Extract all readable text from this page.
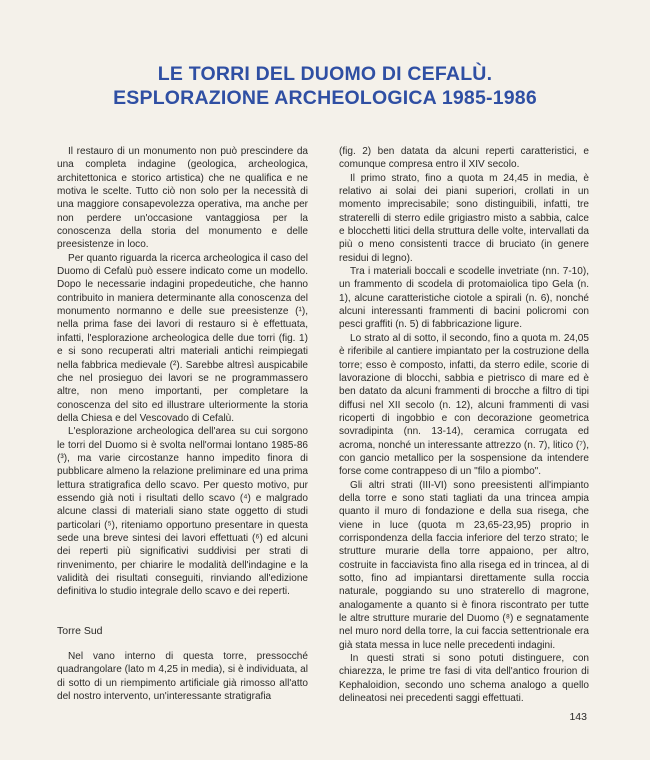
LE TORRI DEL DUOMO DI CEFALÙ.
ESPLORAZIONE ARCHEOLOGICA 1985-1986

Il restauro di un monumento non può prescindere da una completa indagine (geologica, archeologica, architettonica e storico artistica) che ne qualifica e ne motiva le scelte. Tutto ciò non solo per la necessità di una maggiore consapevolezza operativa, ma anche per non perdere un'occasione vantaggiosa per la conoscenza della storia del monumento e delle preesistenze in loco.

Per quanto riguarda la ricerca archeologica il caso del Duomo di Cefalù può essere indicato come un modello. Dopo le necessarie indagini propedeutiche, che hanno contribuito in maniera determinante alla conoscenza del monumento normanno e delle sue preesistenze (¹), nella prima fase dei lavori di restauro si è effettuata, infatti, l'esplorazione archeologica delle due torri (fig. 1) e si sono recuperati altri materiali antichi reimpiegati nella fabbrica medievale (²). Sarebbe altresì auspicabile che nel prosieguo dei lavori se ne programmassero altre, non meno importanti, per completare la conoscenza del sito ed illustrare ulteriormente la storia della Chiesa e del Vescovado di Cefalù.

L'esplorazione archeologica dell'area su cui sorgono le torri del Duomo si è svolta nell'ormai lontano 1985-86 (³), ma varie circostanze hanno impedito finora di pubblicare almeno la relazione preliminare ed una prima lettura stratigrafica dello scavo. Per questo motivo, pur essendo già noti i risultati dello scavo (⁴) e malgrado alcune classi di materiali siano state oggetto di studi particolari (⁵), riteniamo opportuno presentare in questa sede una breve sintesi dei lavori effettuati (⁶) ed alcuni dei reperti più significativi suddivisi per strati di rinvenimento, per chiarire le modalità dell'indagine e la validità dei risultati conseguiti, rinviando all'edizione definitiva lo studio integrale dello scavo e dei reperti.

Torre Sud

Nel vano interno di questa torre, pressocché quadrangolare (lato m 4,25 in media), si è individuata, al di sotto di un riempimento artificiale già rimosso all'atto del nostro intervento, un'interessante stratigrafia

(fig. 2) ben datata da alcuni reperti caratteristici, e comunque compresa entro il XIV secolo.

Il primo strato, fino a quota m 24,45 in media, è relativo ai solai dei piani superiori, crollati in un momento imprecisabile; sono distinguibili, infatti, tre straterelli di sterro edile grigiastro misto a sabbia, calce e blocchetti litici della struttura delle volte, intervallati da più o meno consistenti tracce di bruciato (in genere residui di legno).

Tra i materiali boccali e scodelle invetriate (nn. 7-10), un frammento di scodela di protomaiolica tipo Gela (n. 1), alcune caratteristiche ciotole a spirali (n. 6), nonché alcuni interessanti frammenti di bacini policromi con pesci graffiti (n. 5) di fabbricazione ligure.

Lo strato al di sotto, il secondo, fino a quota m. 24,05 è riferibile al cantiere impiantato per la costruzione della torre; esso è composto, infatti, da sterro edile, scorie di lavorazione di blocchi, sabbia e pietrisco di mare ed è ben datato da alcuni frammenti di brocche a filtro di tipi diffusi nel XII secolo (n. 12), alcuni frammenti di vasi ricoperti di ingobbio e con decorazione geometrica sovradipinta (nn. 13-14), ceramica corrugata ed acroma, nonché un interessante attrezzo (n. 7), litico (⁷), con gancio metallico per la sospensione da intendere forse come contrappeso di un "filo a piombo".

Gli altri strati (III-VI) sono preesistenti all'impianto della torre e sono stati tagliati da una trincea ampia quanto il muro di fondazione e della sua risega, che viene in luce (quota m 23,65-23,95) proprio in corrispondenza della faccia inferiore del terzo strato; le strutture murarie della torre appaiono, per altro, costruite in facciavista fino alla risega ed in trincea, al di sotto, fino ad impiantarsi direttamente sulla roccia naturale, poggiando su uno straterello di magrone, analogamente a quanto si è finora riscontrato per tutte le altre strutture murarie del Duomo (⁸) e segnatamente nel muro nord della torre, la cui faccia settentrionale era già stata messa in luce nelle precedenti indagini.

In questi strati si sono potuti distinguere, con chiarezza, le prime tre fasi di vita dell'antico frourion di Kephaloidion, secondo uno schema analogo a quello delineatosi nei precedenti saggi effettuati.

143
